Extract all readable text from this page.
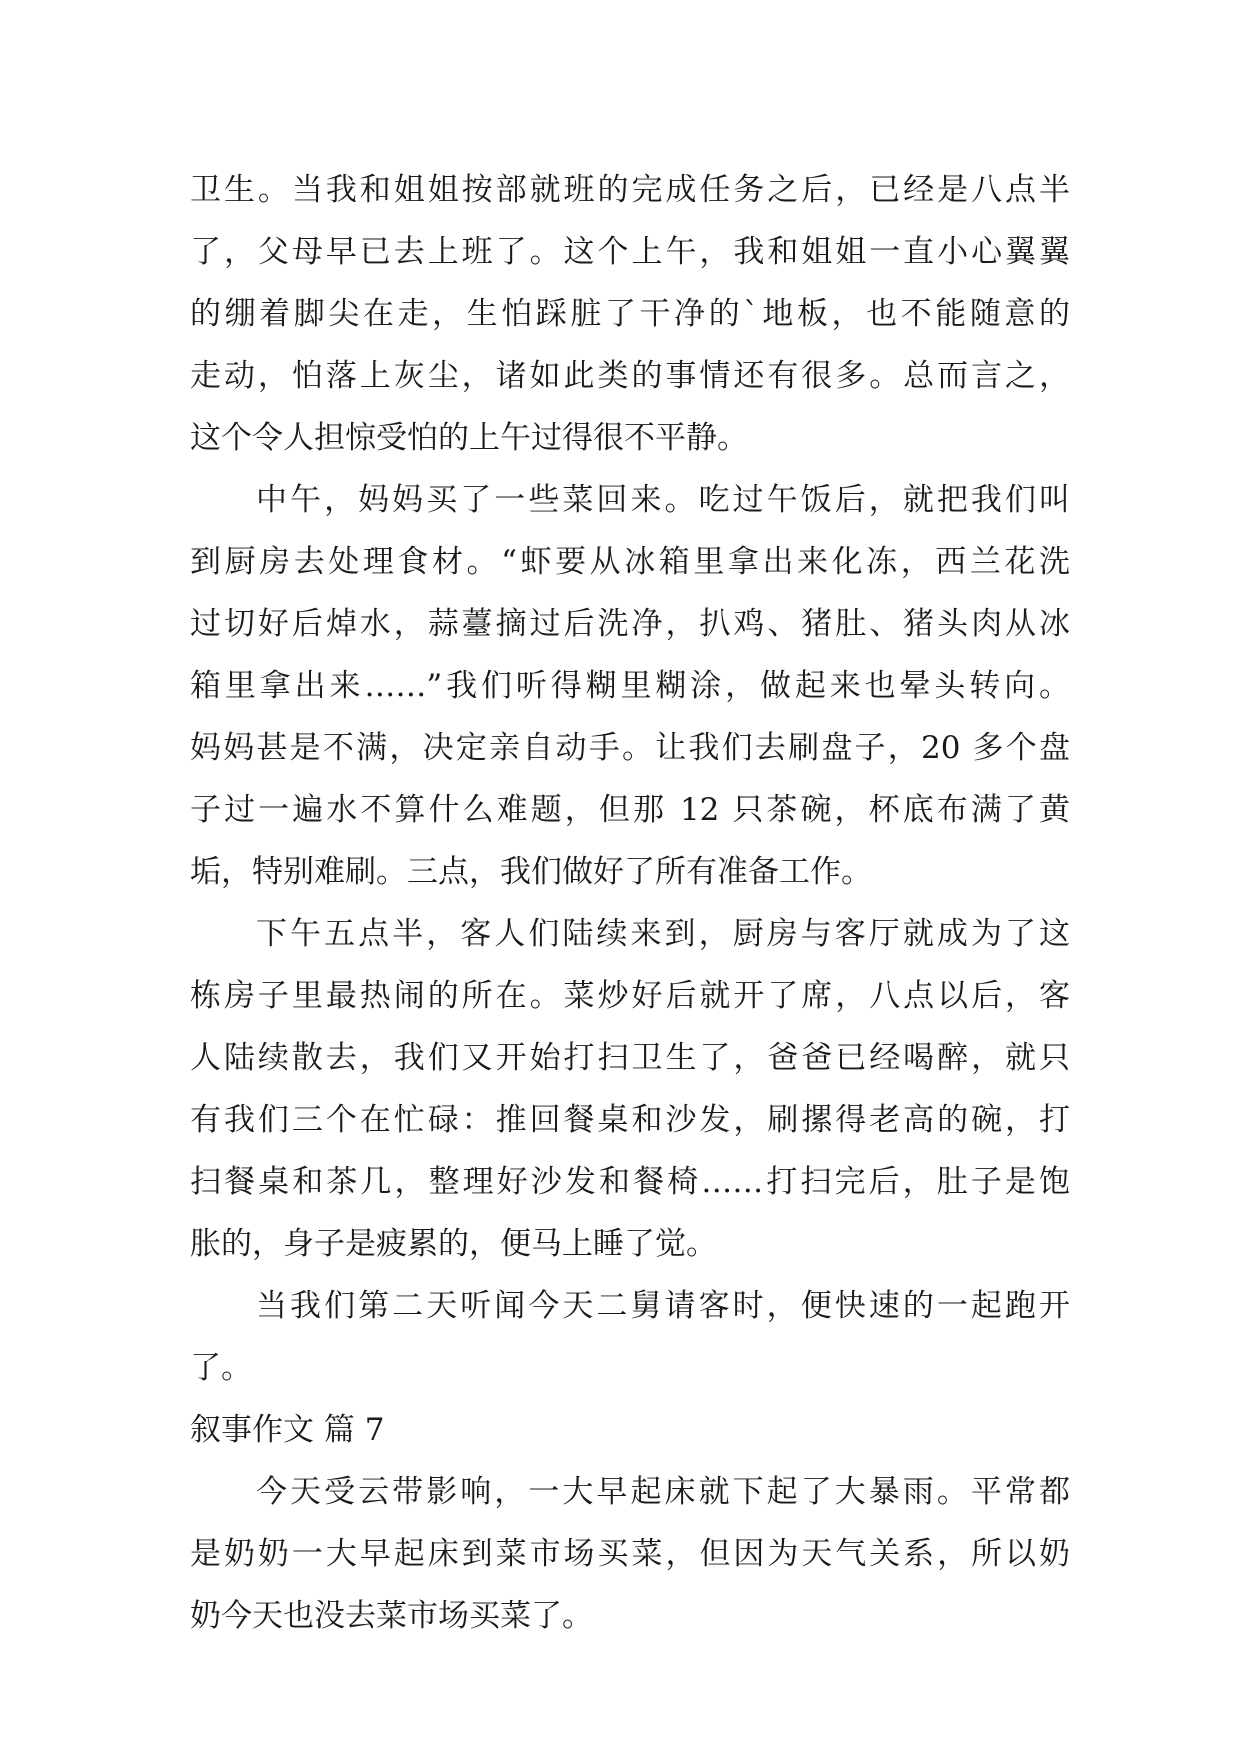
卫生。当我和姐姐按部就班的完成任务之后，已经是八点半
了，父母早已去上班了。这个上午，我和姐姐一直小心翼翼
的绷着脚尖在走，生怕踩脏了干净的`地板，也不能随意的
走动，怕落上灰尘，诸如此类的事情还有很多。总而言之，
这个令人担惊受怕的上午过得很不平静。
中午，妈妈买了一些菜回来。吃过午饭后，就把我们叫
到厨房去处理食材。“虾要从冰箱里拿出来化冻，西兰花洗
过切好后焯水，蒜薹摘过后洗净，扒鸡、猪肚、猪头肉从冰
箱里拿出来……”我们听得糊里糊涂，做起来也晕头转向。
妈妈甚是不满，决定亲自动手。让我们去刷盘子，20 多个盘
子过一遍水不算什么难题，但那 12 只茶碗，杯底布满了黄
垢，特别难刷。三点，我们做好了所有准备工作。
下午五点半，客人们陆续来到，厨房与客厅就成为了这
栋房子里最热闹的所在。菜炒好后就开了席，八点以后，客
人陆续散去，我们又开始打扫卫生了，爸爸已经喝醉，就只
有我们三个在忙碌：推回餐桌和沙发，刷摞得老高的碗，打
扫餐桌和茶几，整理好沙发和餐椅……打扫完后，肚子是饱
胀的，身子是疲累的，便马上睡了觉。
当我们第二天听闻今天二舅请客时，便快速的一起跑开
了。
叙事作文 篇 7
今天受云带影响，一大早起床就下起了大暴雨。平常都
是奶奶一大早起床到菜市场买菜，但因为天气关系，所以奶
奶今天也没去菜市场买菜了。
